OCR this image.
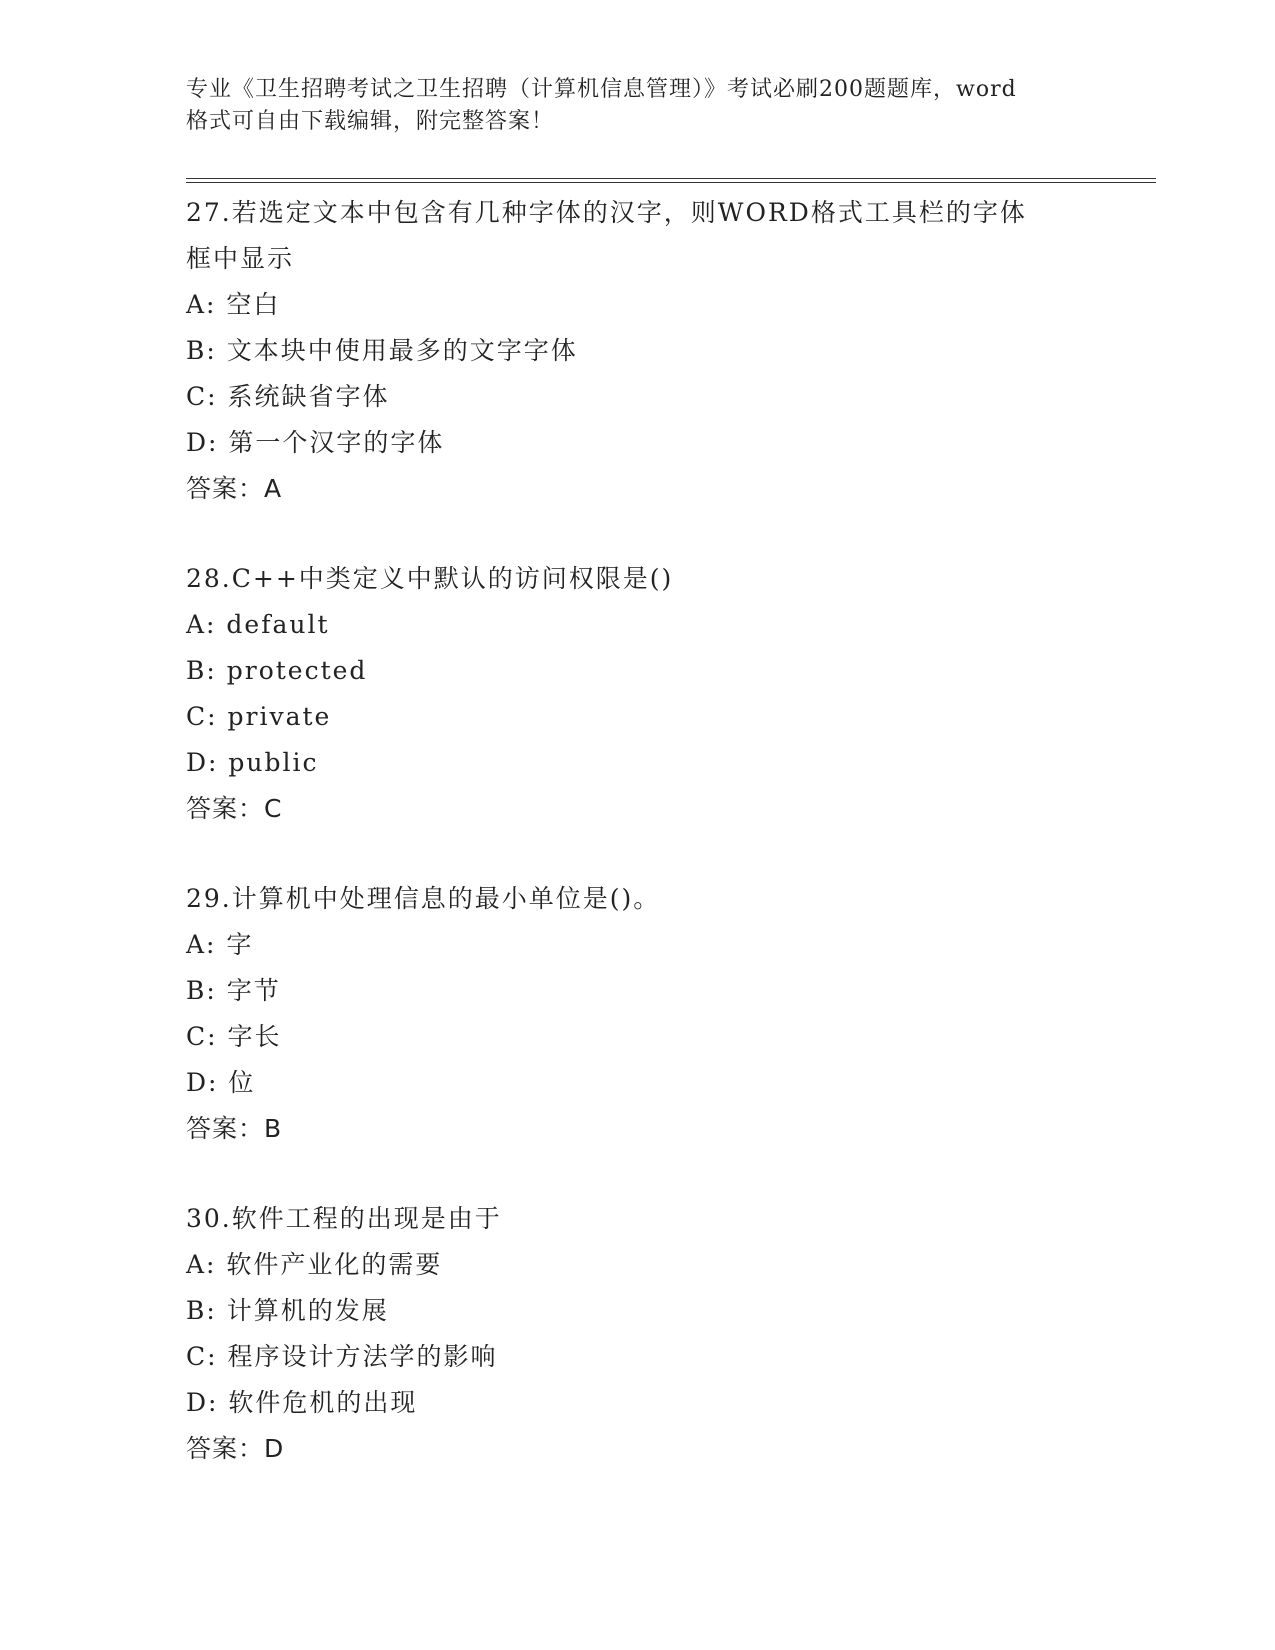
专业《卫生招聘考试之卫生招聘（计算机信息管理）》考试必刷200题题库，word
格式可自由下载编辑，附完整答案！
27.若选定文本中包含有几种字体的汉字，则WORD格式工具栏的字体框中显示
A: 空白
B: 文本块中使用最多的文字字体
C: 系统缺省字体
D: 第一个汉字的字体
答案：A
28.C++中类定义中默认的访问权限是()
A: default
B: protected
C: private
D: public
答案：C
29.计算机中处理信息的最小单位是()。
A: 字
B: 字节
C: 字长
D: 位
答案：B
30.软件工程的出现是由于
A: 软件产业化的需要
B: 计算机的发展
C: 程序设计方法学的影响
D: 软件危机的出现
答案：D
